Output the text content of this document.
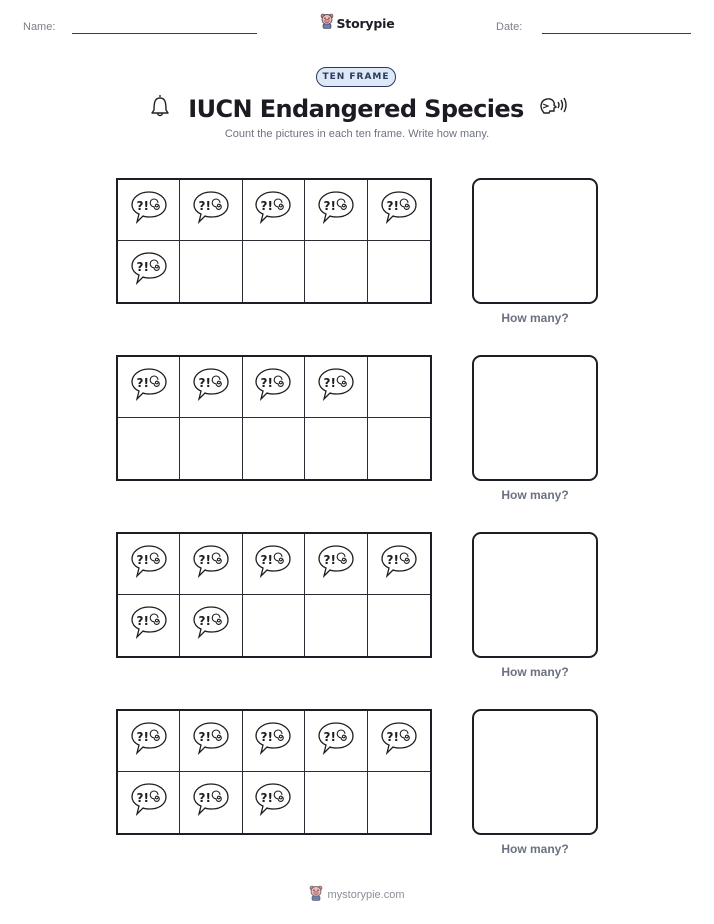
Name:	Storypie	Date:
TEN FRAME
IUCN Endangered Species
Count the pictures in each ten frame. Write how many.
?!	?!	?!	?!	?!
?!
How many?
?!	?!	?!	?!
How many?
?!	?!	?!	?!	?!
?!	?!
How many?
?!	?!	?!	?!	?!
?!	?!	?!
How many?
mystorypie.com
